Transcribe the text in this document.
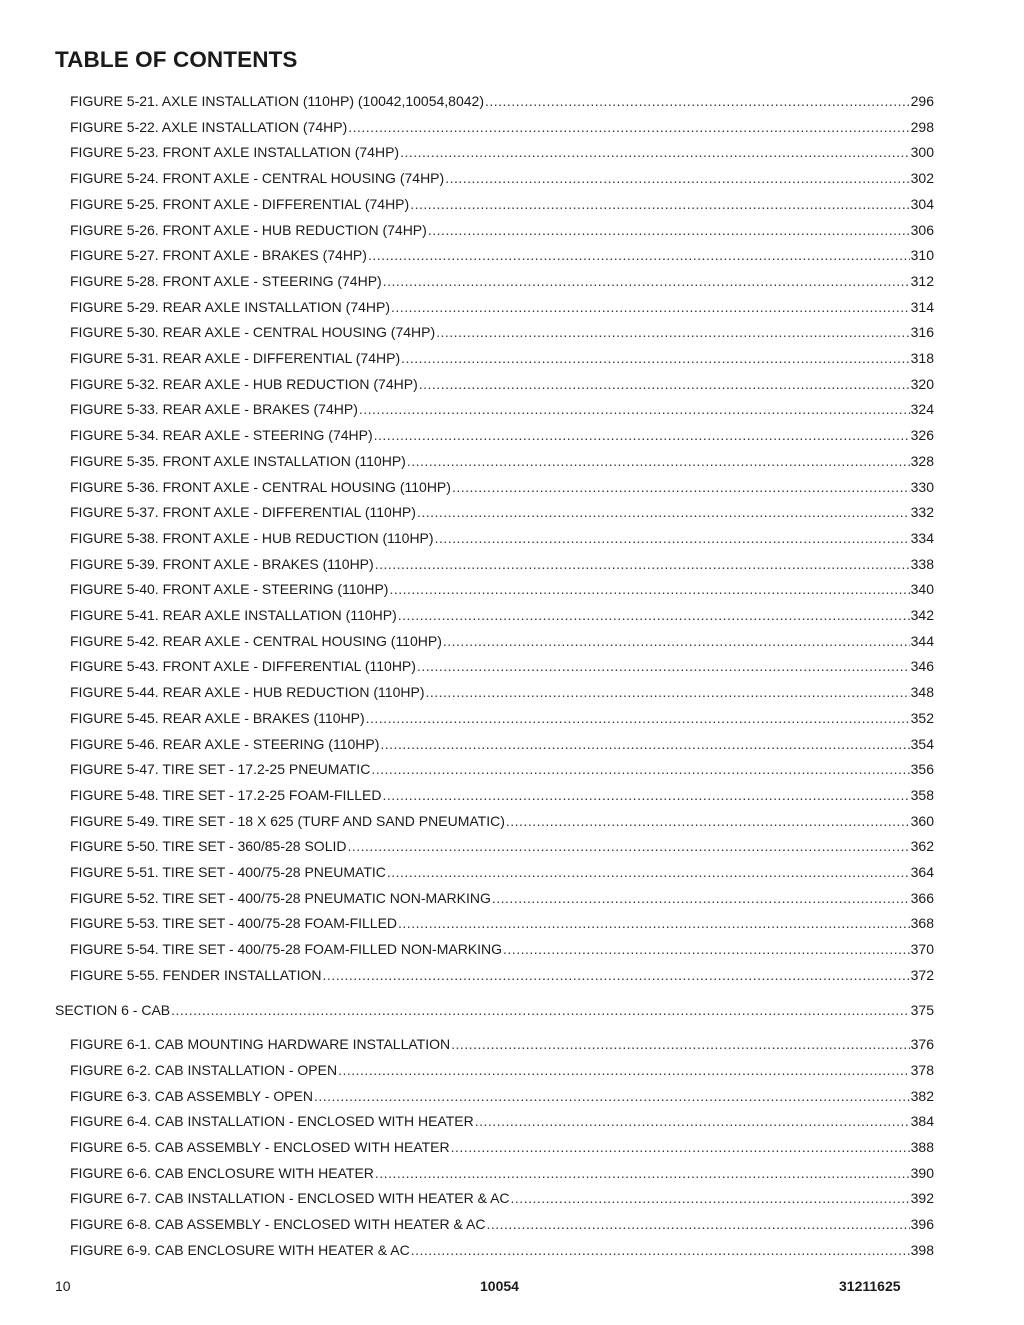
TABLE OF CONTENTS
FIGURE 5-21. AXLE INSTALLATION (110HP) (10042,10054,8042) .....	296
FIGURE 5-22. AXLE INSTALLATION (74HP) .....	298
FIGURE 5-23. FRONT AXLE INSTALLATION (74HP) .....	300
FIGURE 5-24. FRONT AXLE - CENTRAL HOUSING (74HP) .....	302
FIGURE 5-25. FRONT AXLE - DIFFERENTIAL (74HP) .....	304
FIGURE 5-26. FRONT AXLE - HUB REDUCTION (74HP) .....	306
FIGURE 5-27. FRONT AXLE - BRAKES (74HP) .....	310
FIGURE 5-28. FRONT AXLE - STEERING (74HP) .....	312
FIGURE 5-29. REAR AXLE INSTALLATION (74HP) .....	314
FIGURE 5-30. REAR AXLE - CENTRAL HOUSING (74HP) .....	316
FIGURE 5-31. REAR AXLE - DIFFERENTIAL (74HP) .....	318
FIGURE 5-32. REAR AXLE - HUB REDUCTION (74HP) .....	320
FIGURE 5-33. REAR AXLE - BRAKES (74HP) .....	324
FIGURE 5-34. REAR AXLE - STEERING (74HP) .....	326
FIGURE 5-35. FRONT AXLE INSTALLATION (110HP) .....	328
FIGURE 5-36. FRONT AXLE - CENTRAL HOUSING (110HP) .....	330
FIGURE 5-37. FRONT AXLE - DIFFERENTIAL (110HP) .....	332
FIGURE 5-38. FRONT AXLE - HUB REDUCTION (110HP) .....	334
FIGURE 5-39. FRONT AXLE - BRAKES (110HP) .....	338
FIGURE 5-40. FRONT AXLE - STEERING (110HP) .....	340
FIGURE 5-41. REAR AXLE INSTALLATION (110HP) .....	342
FIGURE 5-42. REAR AXLE - CENTRAL HOUSING (110HP) .....	344
FIGURE 5-43. FRONT AXLE - DIFFERENTIAL (110HP) .....	346
FIGURE 5-44. REAR AXLE - HUB REDUCTION (110HP) .....	348
FIGURE 5-45. REAR AXLE - BRAKES (110HP) .....	352
FIGURE 5-46. REAR AXLE - STEERING (110HP) .....	354
FIGURE 5-47. TIRE SET - 17.2-25 PNEUMATIC .....	356
FIGURE 5-48. TIRE SET - 17.2-25 FOAM-FILLED .....	358
FIGURE 5-49. TIRE SET - 18 X 625 (TURF AND SAND PNEUMATIC) .....	360
FIGURE 5-50. TIRE SET - 360/85-28 SOLID .....	362
FIGURE 5-51. TIRE SET - 400/75-28 PNEUMATIC .....	364
FIGURE 5-52. TIRE SET - 400/75-28 PNEUMATIC NON-MARKING .....	366
FIGURE 5-53. TIRE SET - 400/75-28 FOAM-FILLED .....	368
FIGURE 5-54. TIRE SET - 400/75-28 FOAM-FILLED NON-MARKING .....	370
FIGURE 5-55. FENDER INSTALLATION .....	372
SECTION 6 - CAB .....	375
FIGURE 6-1. CAB MOUNTING HARDWARE INSTALLATION .....	376
FIGURE 6-2. CAB INSTALLATION - OPEN .....	378
FIGURE 6-3. CAB ASSEMBLY - OPEN .....	382
FIGURE 6-4. CAB INSTALLATION - ENCLOSED WITH HEATER .....	384
FIGURE 6-5. CAB ASSEMBLY - ENCLOSED WITH HEATER .....	388
FIGURE 6-6. CAB ENCLOSURE WITH HEATER .....	390
FIGURE 6-7. CAB INSTALLATION - ENCLOSED WITH HEATER & AC .....	392
FIGURE 6-8. CAB ASSEMBLY - ENCLOSED WITH HEATER & AC .....	396
FIGURE 6-9. CAB ENCLOSURE WITH HEATER & AC .....	398
10	10054	31211625
